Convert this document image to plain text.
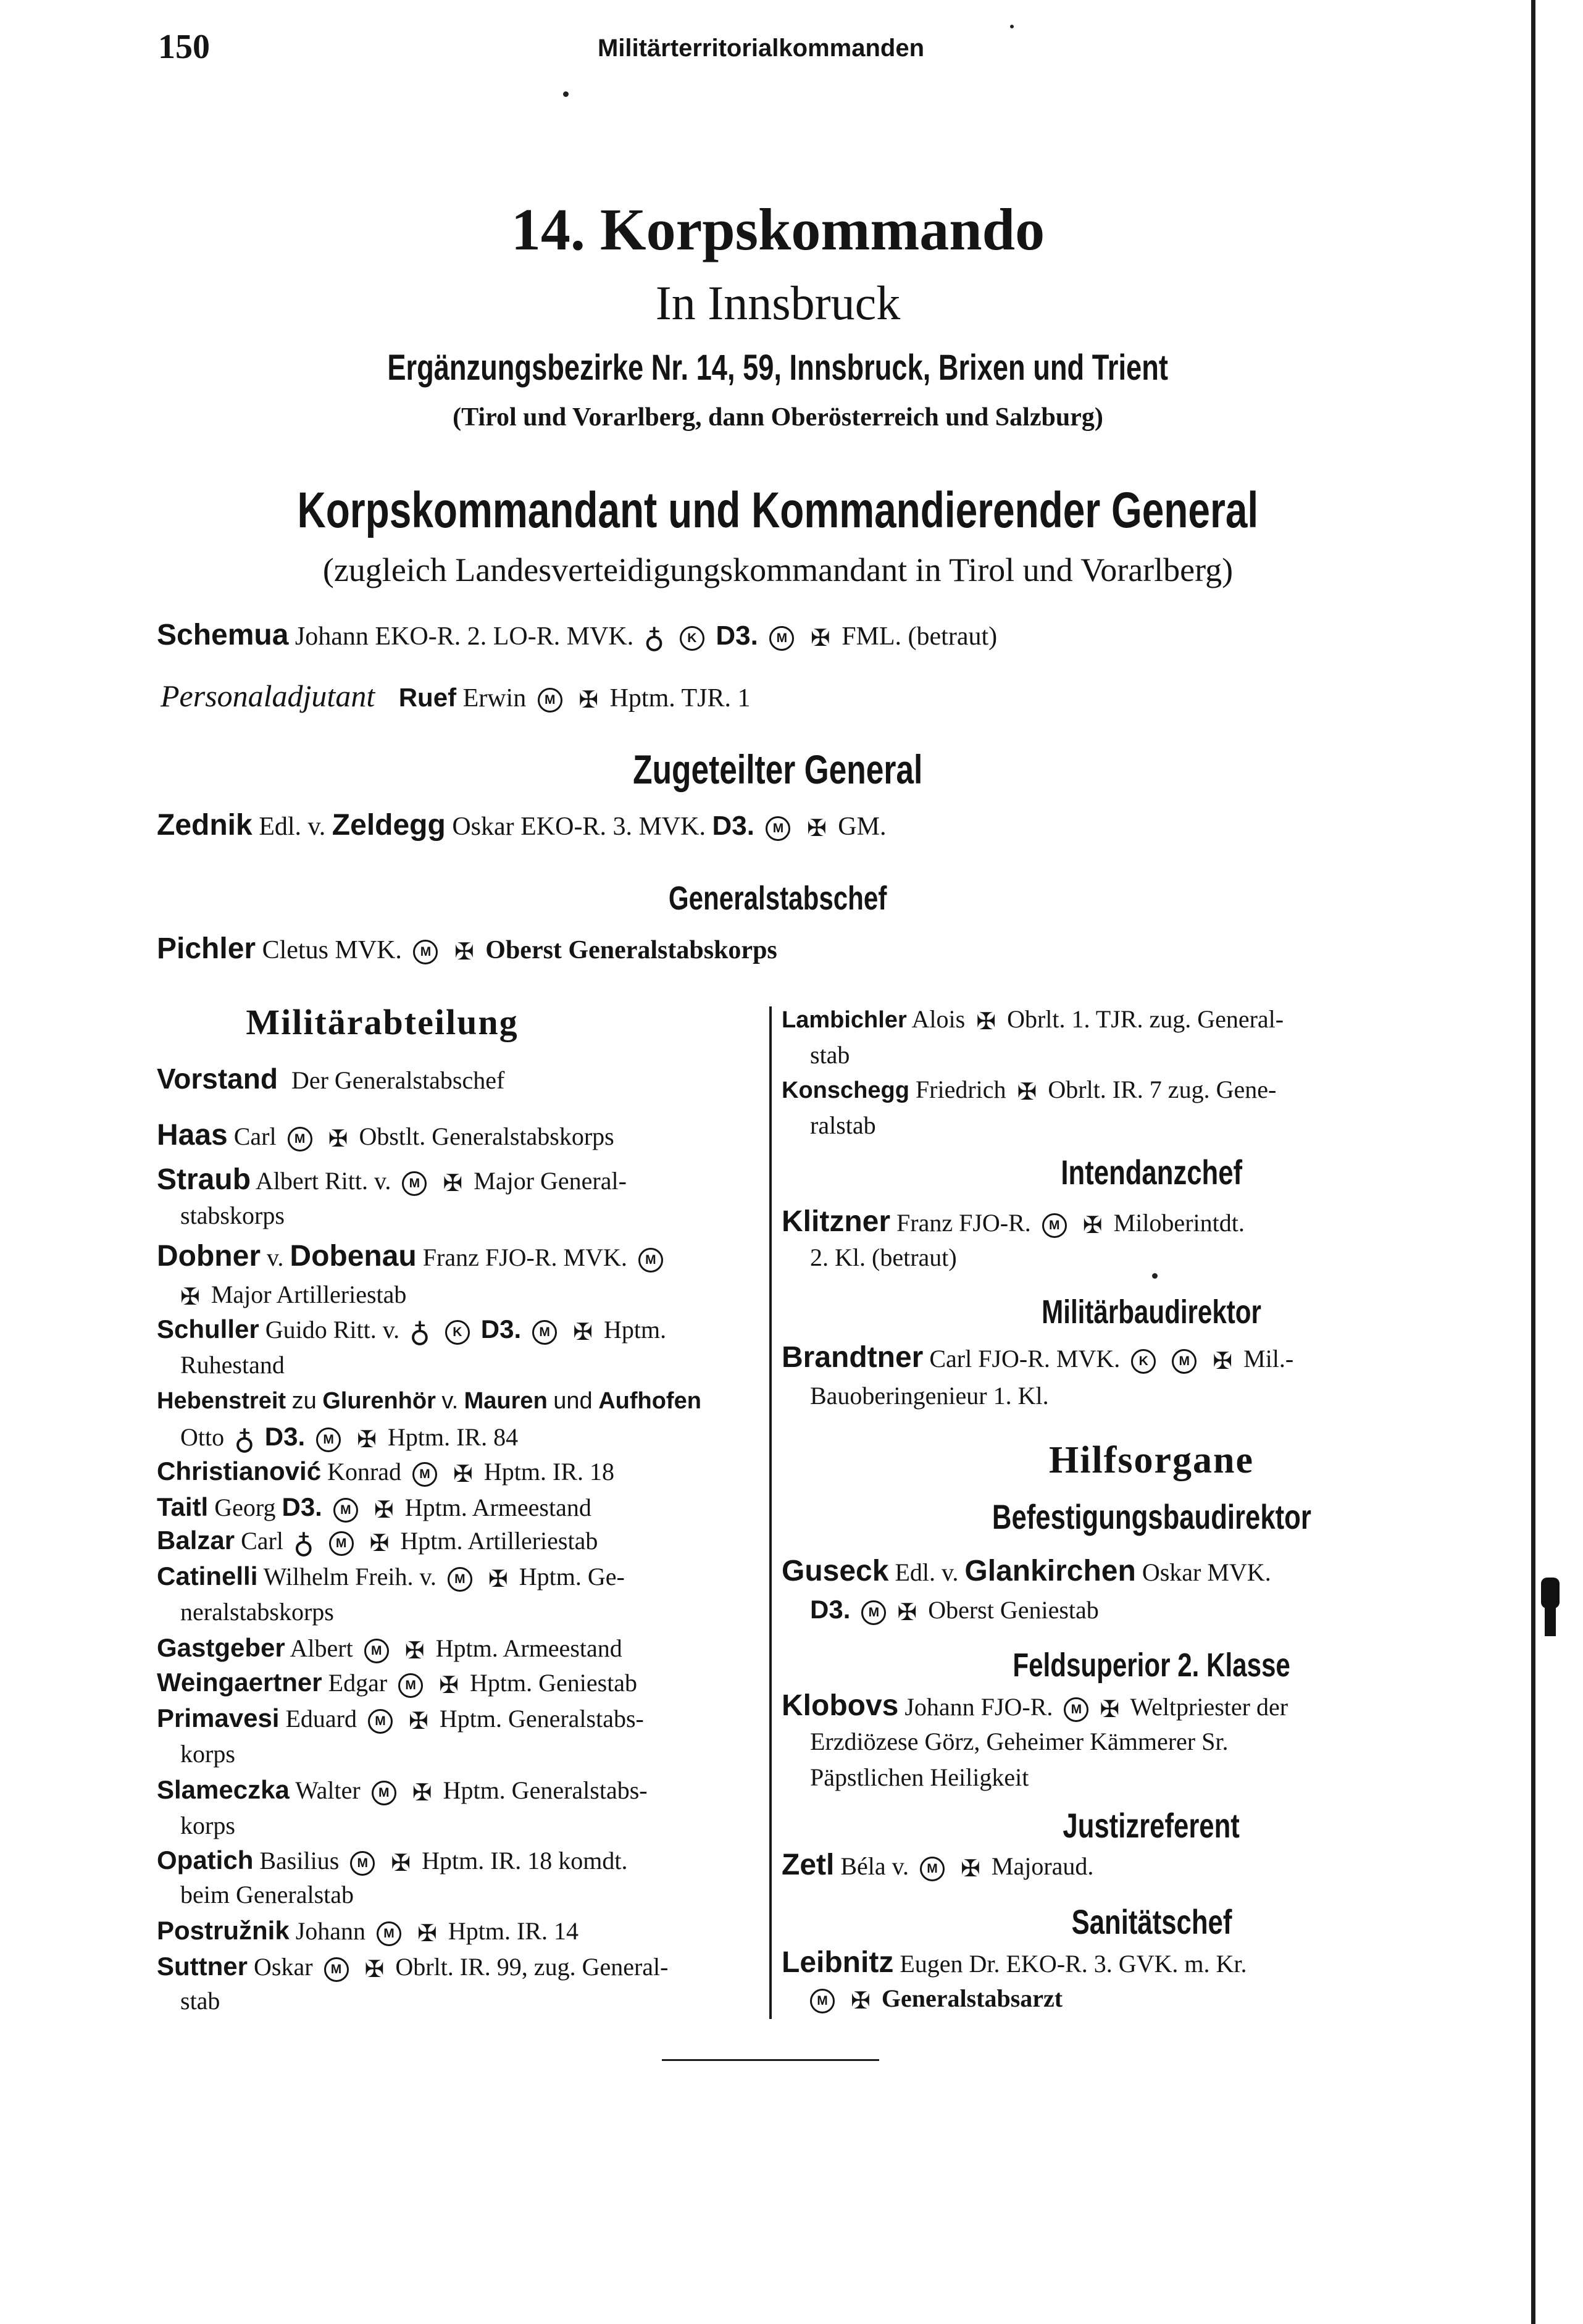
150	Militärterritorialkommanden
14. Korpskommando
In Innsbruck
Ergänzungsbezirke Nr. 14, 59, Innsbruck, Brixen und Trient
(Tirol und Vorarlberg, dann Oberösterreich und Salzburg)
Korpskommandant und Kommandierender General
(zugleich Landesverteidigungskommandant in Tirol und Vorarlberg)
Schemua Johann EKO-R. 2. LO-R. MVK. ♁ K D3. M ✠ FML. (betraut)
Personaladjutant Ruef Erwin M ✠ Hptm. TJR. 1
Zugeteilter General
Zednik Edl. v. Zeldegg Oskar EKO-R. 3. MVK. D3. M ✠ GM.
Generalstabschef
Pichler Cletus MVK. M ✠ Oberst Generalstabskorps
Militärabteilung
Vorstand Der Generalstabschef
Haas Carl M ✠ Obstlt. Generalstabskorps
Straub Albert Ritt. v. M ✠ Major General-
stabskorps
Dobner v. Dobenau Franz FJO-R. MVK. M
✠ Major Artilleriestab
Schuller Guido Ritt. v. ♁ K D3. M ✠ Hptm.
Ruhestand
Hebenstreit zu Glurenhör v. Mauren und Aufhofen
Otto ♁ D3. M ✠ Hptm. IR. 84
Christianović Konrad M ✠ Hptm. IR. 18
Taitl Georg D3. M ✠ Hptm. Armeestand
Balzar Carl ♁ M ✠ Hptm. Artilleriestab
Catinelli Wilhelm Freih. v. M ✠ Hptm. Ge-
neralstabskorps
Gastgeber Albert M ✠ Hptm. Armeestand
Weingaertner Edgar M ✠ Hptm. Geniestab
Primavesi Eduard M ✠ Hptm. Generalstabs-
korps
Slameczka Walter M ✠ Hptm. Generalstabs-
korps
Opatich Basilius M ✠ Hptm. IR. 18 komdt.
beim Generalstab
Postružnik Johann M ✠ Hptm. IR. 14
Suttner Oskar M ✠ Obrlt. IR. 99, zug. General-
stab
Lambichler Alois ✠ Obrlt. 1. TJR. zug. General-
stab
Konschegg Friedrich ✠ Obrlt. IR. 7 zug. Gene-
ralstab
Intendanzchef
Klitzner Franz FJO-R. M ✠ Miloberintdt.
2. Kl. (betraut)
Militärbaudirektor
Brandtner Carl FJO-R. MVK. K M ✠ Mil.-
Bauoberingenieur 1. Kl.
Hilfsorgane
Befestigungsbaudirektor
Guseck Edl. v. Glankirchen Oskar MVK.
D3. M ✠ Oberst Geniestab
Feldsuperior 2. Klasse
Klobovs Johann FJO-R. M ✠ Weltpriester der
Erzdiözese Görz, Geheimer Kämmerer Sr.
Päpstlichen Heiligkeit
Justizreferent
Zetl Béla v. M ✠ Majoraud.
Sanitätschef
Leibnitz Eugen Dr. EKO-R. 3. GVK. m. Kr.
M ✠ Generalstabsarzt
